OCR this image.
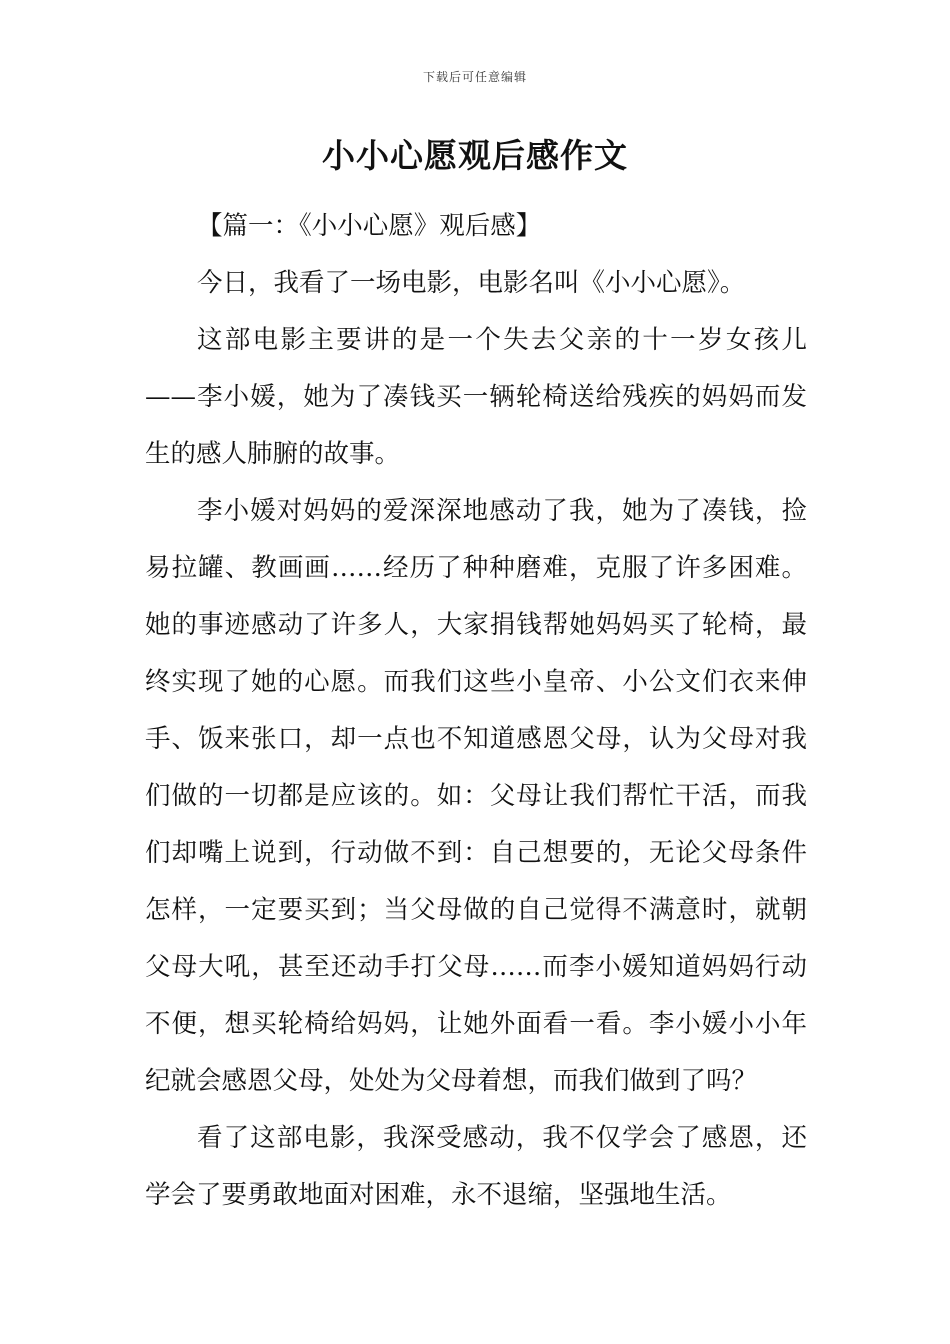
下载后可任意编辑
小小心愿观后感作文

【篇一：《小小心愿》观后感】

今日，我看了一场电影，电影名叫《小小心愿》。

这部电影主要讲的是一个失去父亲的十一岁女孩儿——李小媛，她为了凑钱买一辆轮椅送给残疾的妈妈而发生的感人肺腑的故事。

李小媛对妈妈的爱深深地感动了我，她为了凑钱，捡易拉罐、教画画……经历了种种磨难，克服了许多困难。她的事迹感动了许多人，大家捐钱帮她妈妈买了轮椅，最终实现了她的心愿。而我们这些小皇帝、小公文们衣来伸手、饭来张口，却一点也不知道感恩父母，认为父母对我们做的一切都是应该的。如：父母让我们帮忙干活，而我们却嘴上说到，行动做不到：自己想要的，无论父母条件怎样，一定要买到；当父母做的自己觉得不满意时，就朝父母大吼，甚至还动手打父母……而李小媛知道妈妈行动不便，想买轮椅给妈妈，让她外面看一看。李小媛小小年纪就会感恩父母，处处为父母着想，而我们做到了吗？

看了这部电影，我深受感动，我不仅学会了感恩，还学会了要勇敢地面对困难，永不退缩，坚强地生活。
